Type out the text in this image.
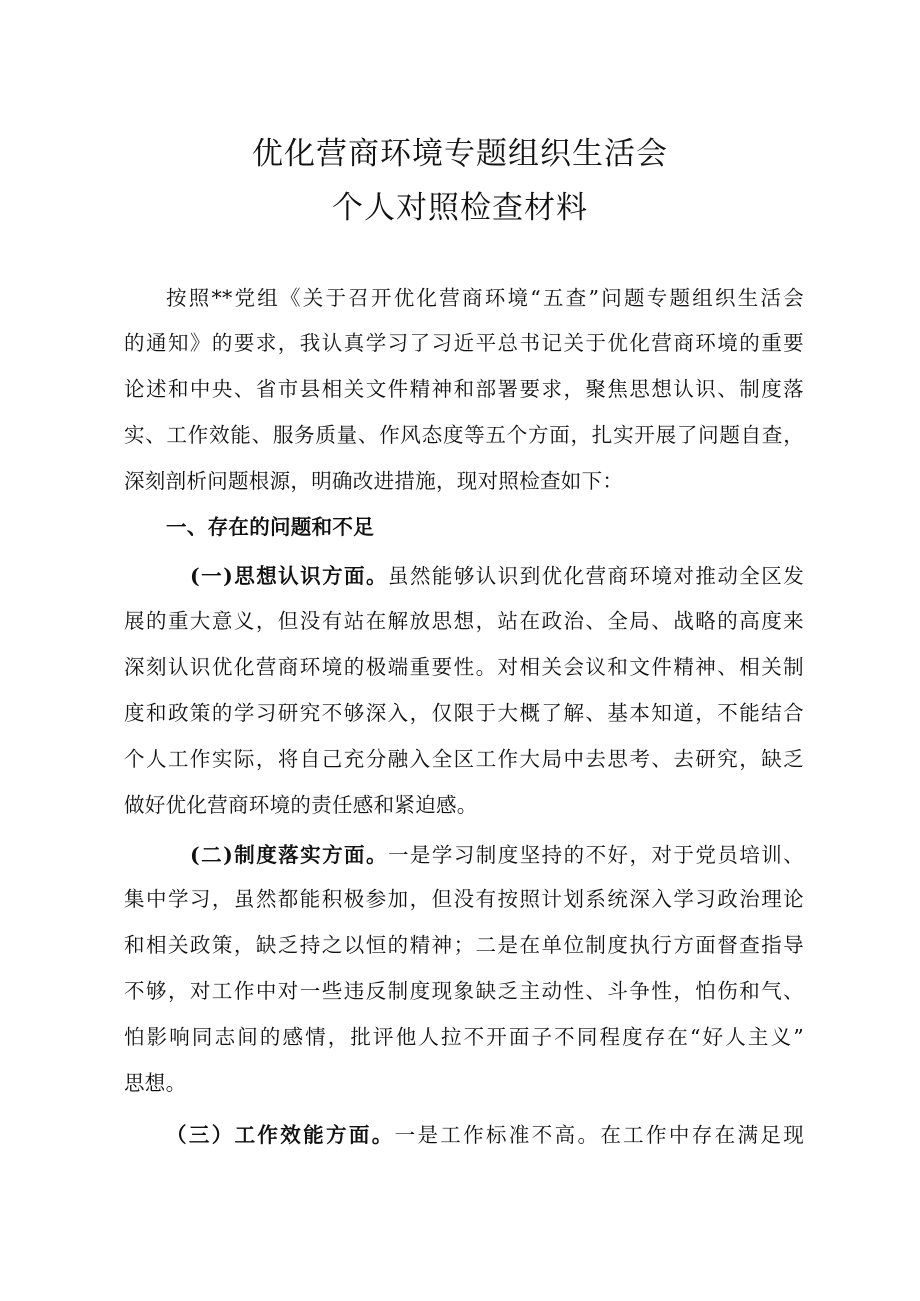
优化营商环境专题组织生活会
个人对照检查材料
按照**党组《关于召开优化营商环境“五查”问题专题组织生活会
的通知》的要求，我认真学习了习近平总书记关于优化营商环境的重要
论述和中央、省市县相关文件精神和部署要求，聚焦思想认识、制度落
实、工作效能、服务质量、作风态度等五个方面，扎实开展了问题自查，
深刻剖析问题根源，明确改进措施，现对照检查如下：
一、存在的问题和不足
(一)思想认识方面。虽然能够认识到优化营商环境对推动全区发
展的重大意义，但没有站在解放思想，站在政治、全局、战略的高度来
深刻认识优化营商环境的极端重要性。对相关会议和文件精神、相关制
度和政策的学习研究不够深入，仅限于大概了解、基本知道，不能结合
个人工作实际，将自己充分融入全区工作大局中去思考、去研究，缺乏
做好优化营商环境的责任感和紧迫感。
(二)制度落实方面。一是学习制度坚持的不好，对于党员培训、
集中学习，虽然都能积极参加，但没有按照计划系统深入学习政治理论
和相关政策，缺乏持之以恒的精神；二是在单位制度执行方面督查指导
不够，对工作中对一些违反制度现象缺乏主动性、斗争性，怕伤和气、
怕影响同志间的感情，批评他人拉不开面子不同程度存在“好人主义”
思想。
（三）工作效能方面。一是工作标准不高。在工作中存在满足现
